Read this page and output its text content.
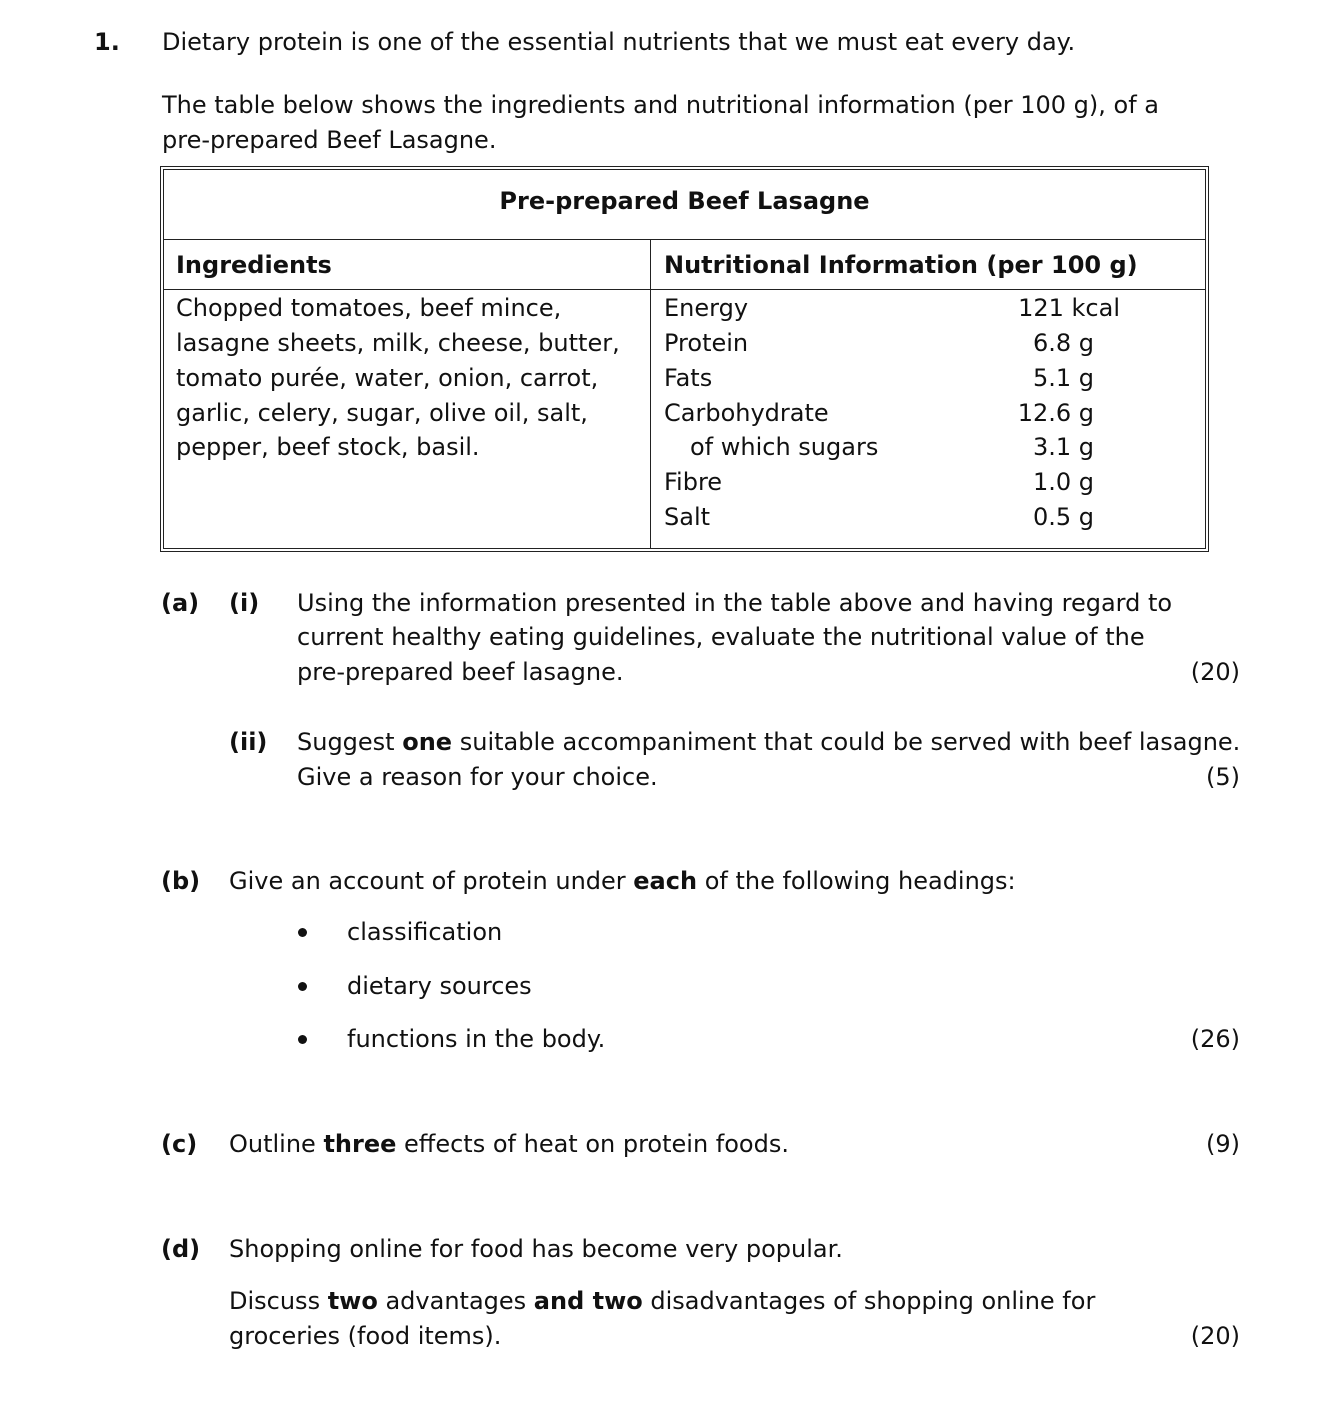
1. Dietary protein is one of the essential nutrients that we must eat every day.
The table below shows the ingredients and nutritional information (per 100 g), of a
pre-prepared Beef Lasagne.
Pre-prepared Beef Lasagne
Ingredients	Nutritional Information (per 100 g)
Chopped tomatoes, beef mince,
lasagne sheets, milk, cheese, butter,
tomato purée, water, onion, carrot,
garlic, celery, sugar, olive oil, salt,
pepper, beef stock, basil.
Energy	121 kcal
Protein	6.8 g
Fats	5.1 g
Carbohydrate	12.6 g
of which sugars	3.1 g
Fibre	1.0 g
Salt	0.5 g
(a) (i) Using the information presented in the table above and having regard to
current healthy eating guidelines, evaluate the nutritional value of the
pre-prepared beef lasagne.	(20)
(ii) Suggest one suitable accompaniment that could be served with beef lasagne.
Give a reason for your choice.	(5)
(b) Give an account of protein under each of the following headings:
classification
dietary sources
functions in the body.	(26)
(c) Outline three effects of heat on protein foods.	(9)
(d) Shopping online for food has become very popular.
Discuss two advantages and two disadvantages of shopping online for
groceries (food items).	(20)
